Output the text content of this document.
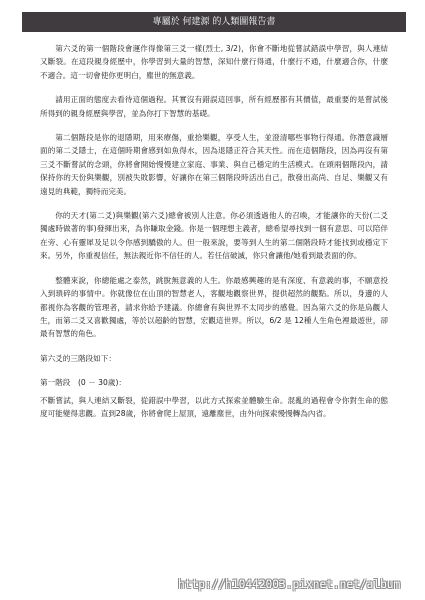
專屬於 何建源 的人類圖報告書

第六爻的第一個階段會運作得像第三爻一樣(烈士, 3/2)，你會不斷地從嘗試錯誤中學習，與人連結又斷裂。在這段親身經歷中，你學習到大量的智慧，深知什麼行得通，什麼行不通，什麼適合你，什麼不適合。這一切會使你更明白，塵世的無意義。

請用正面的態度去看待這個過程。其實沒有錯誤這回事，所有經歷都有其價值，最重要的是嘗試後所得到的親身經歷與學習，並為你打下智慧的基礎。

第二個階段是你的退隱期，用來療傷，重拾樂觀，享受人生，並澄清哪些事物行得通。你潛意識層面的第二爻隱士，在這個時期會感到如魚得水，因為退隱正符合其天性。而在這個階段，因為再沒有第三爻不斷嘗試的念頭，你將會開始慢慢建立家庭、事業、與自己穩定的生活模式。在頭兩個階段內，請保持你的天份與樂觀，別被失敗影響，好讓你在第三個階段時活出自己，散發出高尚、自足、樂觀又有遠見的典範，獨特而完美。

你的天才(第二爻)與樂觀(第六爻)總會被別人注意。你必須透過他人的召喚，才能讓你的天份(二爻獨處時做著的事)發揮出來，為你賺取金錢。你是一個理想主義者，總希望尋找到一個有意思、可以陪伴在旁、心有靈犀及足以令你感到驕傲的人。但一般來說，要等到人生的第二個階段時才能找到或穩定下來。另外，你重視信任，無法親近你不信任的人。若任信破滅，你只會讓他/她看到最表面的你。

整體來說，你總能處之泰然，跳脫無意義的人生。你最感興趣的是有深度、有意義的事，不願意投入到瑣碎的事情中。你就像位在山頂的智慧老人，客觀地觀察世界，提供超然的觀點。所以，身邊的人都視你為客觀的管理者，請求你給予建議。你總會有與世界不太同步的感覺。因為第六爻的你是烏觀人生，而第二爻又喜歡獨處，等於以超齡的智慧，宏觀這世界。所以，6/2 是 12種人生角色裡最遊世，卻最有智慧的角色。

第六爻的三階段如下：

第一階段　(0 － 30歲)：

不斷嘗試，與人連結又斷裂，從錯誤中學習，以此方式探索並體驗生命。混亂的過程會令你對生命的態度可能變得悲觀。直到28歲，你將會爬上屋頂，遠離塵世，由外向探索慢慢轉為內省。

http://h10442003.pixnet.net/album
